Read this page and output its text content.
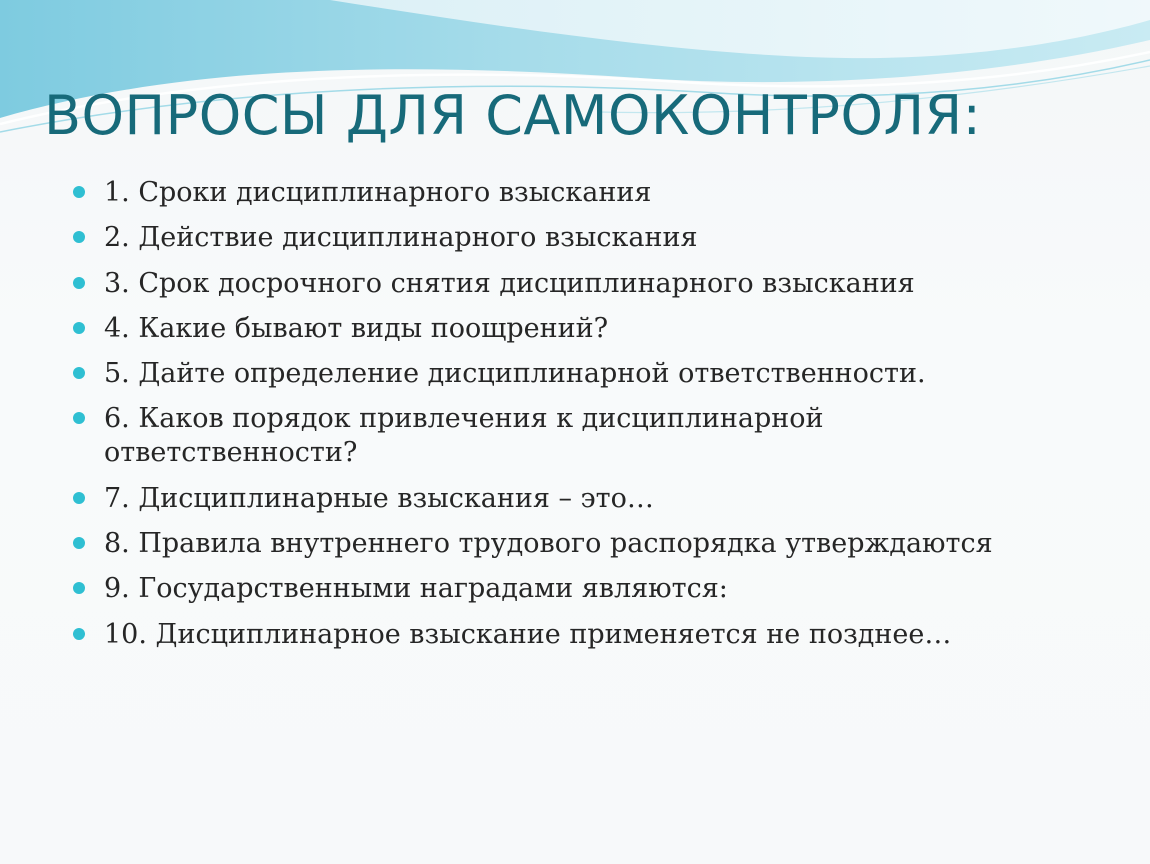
ВОПРОСЫ ДЛЯ САМОКОНТРОЛЯ:
1. Сроки дисциплинарного взыскания
2. Действие дисциплинарного взыскания
3. Срок досрочного снятия дисциплинарного взыскания
4. Какие бывают виды поощрений?
5. Дайте определение дисциплинарной ответственности.
6. Каков порядок привлечения к дисциплинарной ответственности?
7. Дисциплинарные взыскания – это…
8. Правила внутреннего трудового распорядка утверждаются
9. Государственными наградами являются:
10. Дисциплинарное взыскание применяется не позднее…
